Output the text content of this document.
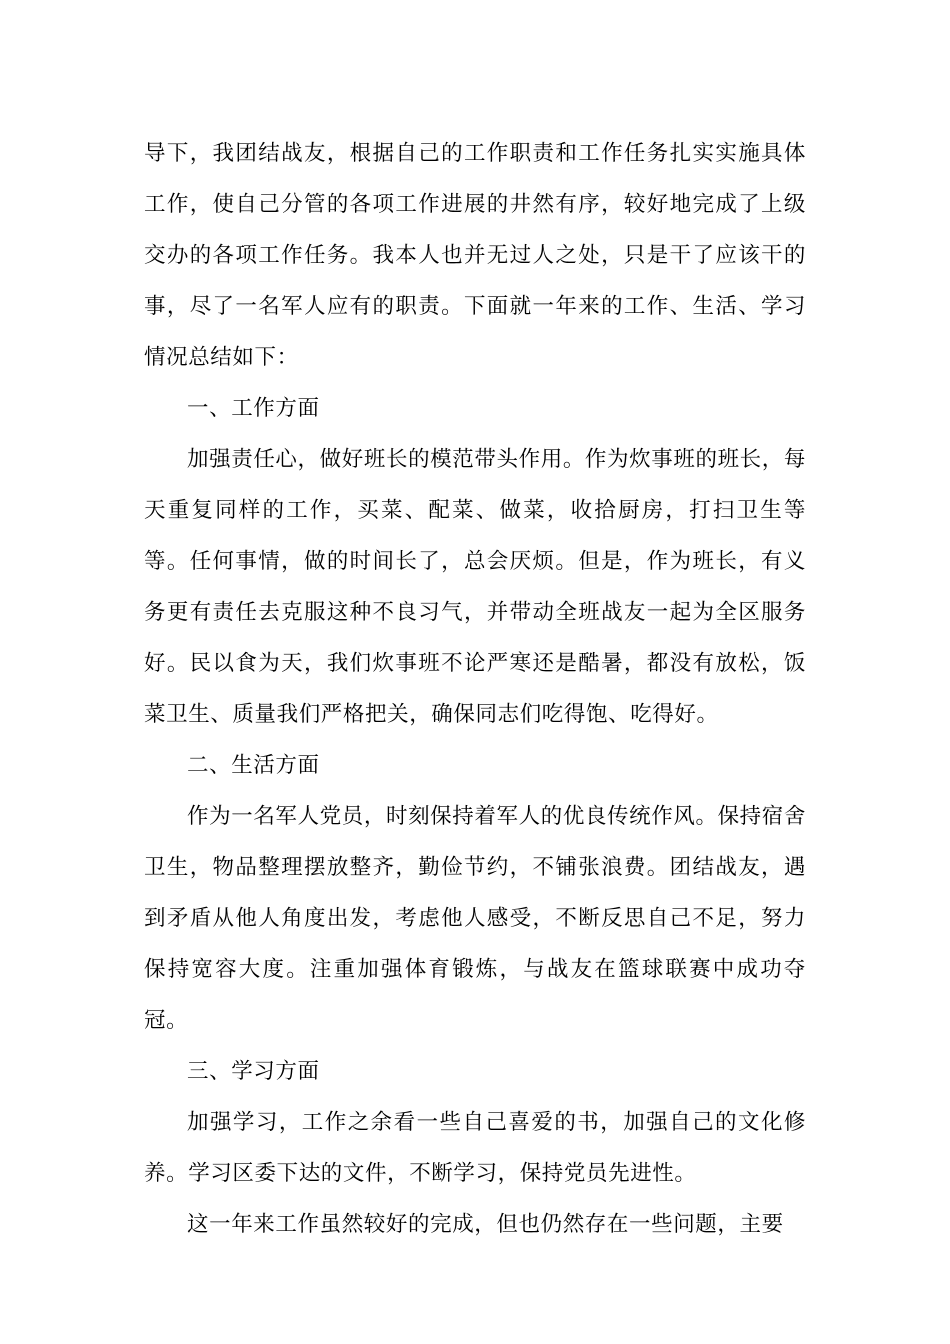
导下，我团结战友，根据自己的工作职责和工作任务扎实实施具体工作，使自己分管的各项工作进展的井然有序，较好地完成了上级交办的各项工作任务。我本人也并无过人之处，只是干了应该干的事，尽了一名军人应有的职责。下面就一年来的工作、生活、学习情况总结如下：

一、工作方面

加强责任心，做好班长的模范带头作用。作为炊事班的班长，每天重复同样的工作，买菜、配菜、做菜，收拾厨房，打扫卫生等等。任何事情，做的时间长了，总会厌烦。但是，作为班长，有义务更有责任去克服这种不良习气，并带动全班战友一起为全区服务好。民以食为天，我们炊事班不论严寒还是酷暑，都没有放松，饭菜卫生、质量我们严格把关，确保同志们吃得饱、吃得好。

二、生活方面

作为一名军人党员，时刻保持着军人的优良传统作风。保持宿舍卫生，物品整理摆放整齐，勤俭节约，不铺张浪费。团结战友，遇到矛盾从他人角度出发，考虑他人感受，不断反思自己不足，努力保持宽容大度。注重加强体育锻炼，与战友在篮球联赛中成功夺冠。

三、学习方面

加强学习，工作之余看一些自己喜爱的书，加强自己的文化修养。学习区委下达的文件，不断学习，保持党员先进性。

这一年来工作虽然较好的完成，但也仍然存在一些问题，主要
